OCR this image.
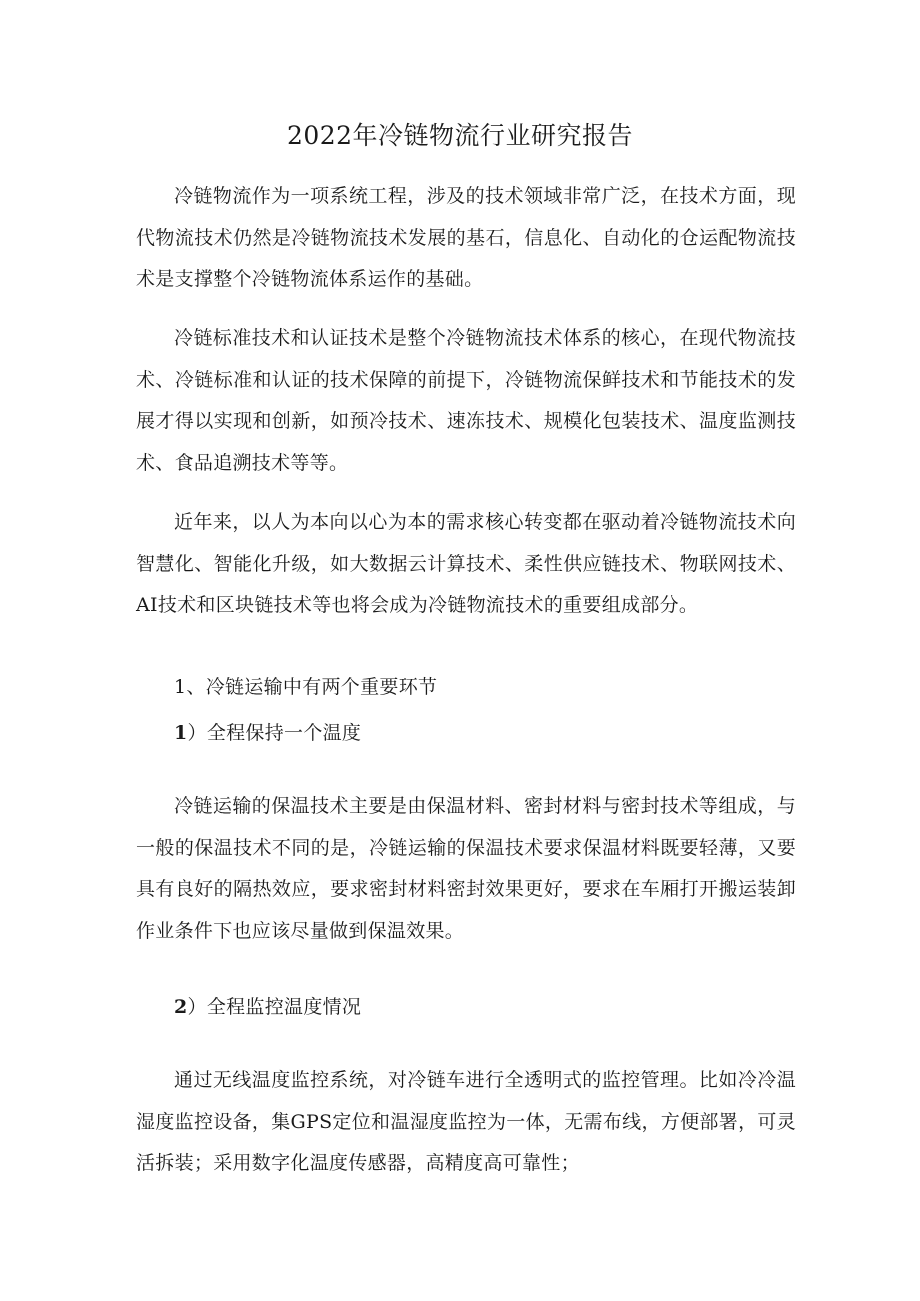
2022年冷链物流行业研究报告

冷链物流作为一项系统工程，涉及的技术领域非常广泛，在技术方面，现代物流技术仍然是冷链物流技术发展的基石，信息化、自动化的仓运配物流技术是支撑整个冷链物流体系运作的基础。

冷链标准技术和认证技术是整个冷链物流技术体系的核心，在现代物流技术、冷链标准和认证的技术保障的前提下，冷链物流保鲜技术和节能技术的发展才得以实现和创新，如预冷技术、速冻技术、规模化包装技术、温度监测技术、食品追溯技术等等。

近年来，以人为本向以心为本的需求核心转变都在驱动着冷链物流技术向智慧化、智能化升级，如大数据云计算技术、柔性供应链技术、物联网技术、AI技术和区块链技术等也将会成为冷链物流技术的重要组成部分。

1、冷链运输中有两个重要环节

1）全程保持一个温度

冷链运输的保温技术主要是由保温材料、密封材料与密封技术等组成，与一般的保温技术不同的是，冷链运输的保温技术要求保温材料既要轻薄，又要具有良好的隔热效应，要求密封材料密封效果更好，要求在车厢打开搬运装卸作业条件下也应该尽量做到保温效果。

2）全程监控温度情况

通过无线温度监控系统，对冷链车进行全透明式的监控管理。比如冷冷温湿度监控设备，集GPS定位和温湿度监控为一体，无需布线，方便部署，可灵活拆装；采用数字化温度传感器，高精度高可靠性；
